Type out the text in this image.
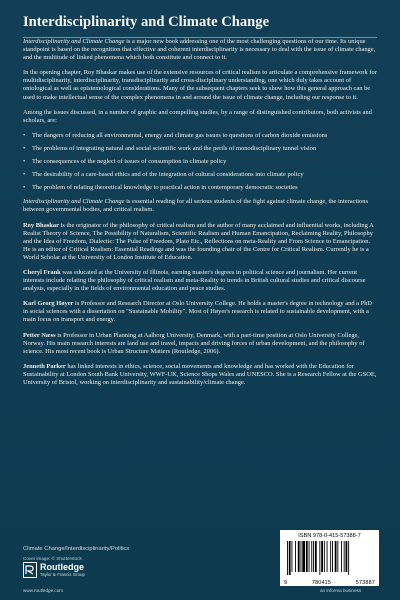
Interdisciplinarity and Climate Change

Interdisciplinarity and Climate Change is a major new book addressing one of the most challenging questions of our time. Its unique standpoint is based on the recognition that effective and coherent interdisciplinarity is necessary to deal with the issue of climate change, and the multitude of linked phenomena which both constitute and connect to it.

In the opening chapter, Roy Bhaskar makes use of the extensive resources of critical realism to articulate a comprehensive framework for multidisciplinarity, interdisciplinarity, transdisciplinarity and cross-disciplinary understanding, one which duly takes account of ontological as well as epistemological considerations. Many of the subsequent chapters seek to show how this general approach can be used to make intellectual sense of the complex phenomena in and around the issue of climate change, including our response to it.

Among the issues discussed, in a number of graphic and compelling studies, by a range of distinguished contributors, both activists and scholars, are:

• The dangers of reducing all environmental, energy and climate gas issues to questions of carbon dioxide emissions
• The problems of integrating natural and social scientific work and the perils of monodisciplinary tunnel vision
• The consequences of the neglect of issues of consumption in climate policy
• The desirability of a care-based ethics and of the integration of cultural considerations into climate policy
• The problem of relating theoretical knowledge to practical action in contemporary democratic societies

Interdisciplinarity and Climate Change is essential reading for all serious students of the fight against climate change, the interactions between governmental bodies, and critical realism.

Roy Bhaskar is the originator of the philosophy of critical realism and the author of many acclaimed and influential works, including A Realist Theory of Science, The Possibility of Naturalism, Scientific Realism and Human Emancipation, Reclaiming Reality, Philosophy and the Idea of Freedom, Dialectic: The Pulse of Freedom, Plato Etc., Reflections on meta-Reality and From Science to Emancipation. He is an editor of Critical Realism: Essential Readings and was the founding chair of the Centre for Critical Realism. Currently he is a World Scholar at the University of London Institute of Education.

Cheryl Frank was educated at the University of Illinois, earning master's degrees in political science and journalism. Her current interests include relating the philosophy of critical realism and meta-Reality to trends in British cultural studies and critical discourse analysis, especially in the fields of environmental education and peace studies.

Karl Georg Høyer is Professor and Research Director at Oslo University College. He holds a master's degree in technology and a PhD in social sciences with a dissertation on "Sustainable Mobility". Most of Høyer's research is related to sustainable development, with a main focus on transport and energy.

Petter Næss is Professor in Urban Planning at Aalborg University, Denmark, with a part-time position at Oslo University College, Norway. His main research interests are land use and travel, impacts and driving forces of urban development, and the philosophy of science. His most recent book is Urban Structure Matters (Routledge, 2006).

Jenneth Parker has linked interests in ethics, science, social movements and knowledge and has worked with the Education for Sustainability at London South Bank University, WWF-UK, Science Shops Wales and UNESCO. She is a Research Fellow at the GSOE, University of Bristol, working on interdisciplinarity and sustainability/climate change.

Climate Change/Interdisciplinarity/Politics
Cover image: © Shutterstock
Routledge
Taylor & Francis Group
www.routledge.com	an informa business
ISBN 978-0-415-57388-7
9	780415	573887
